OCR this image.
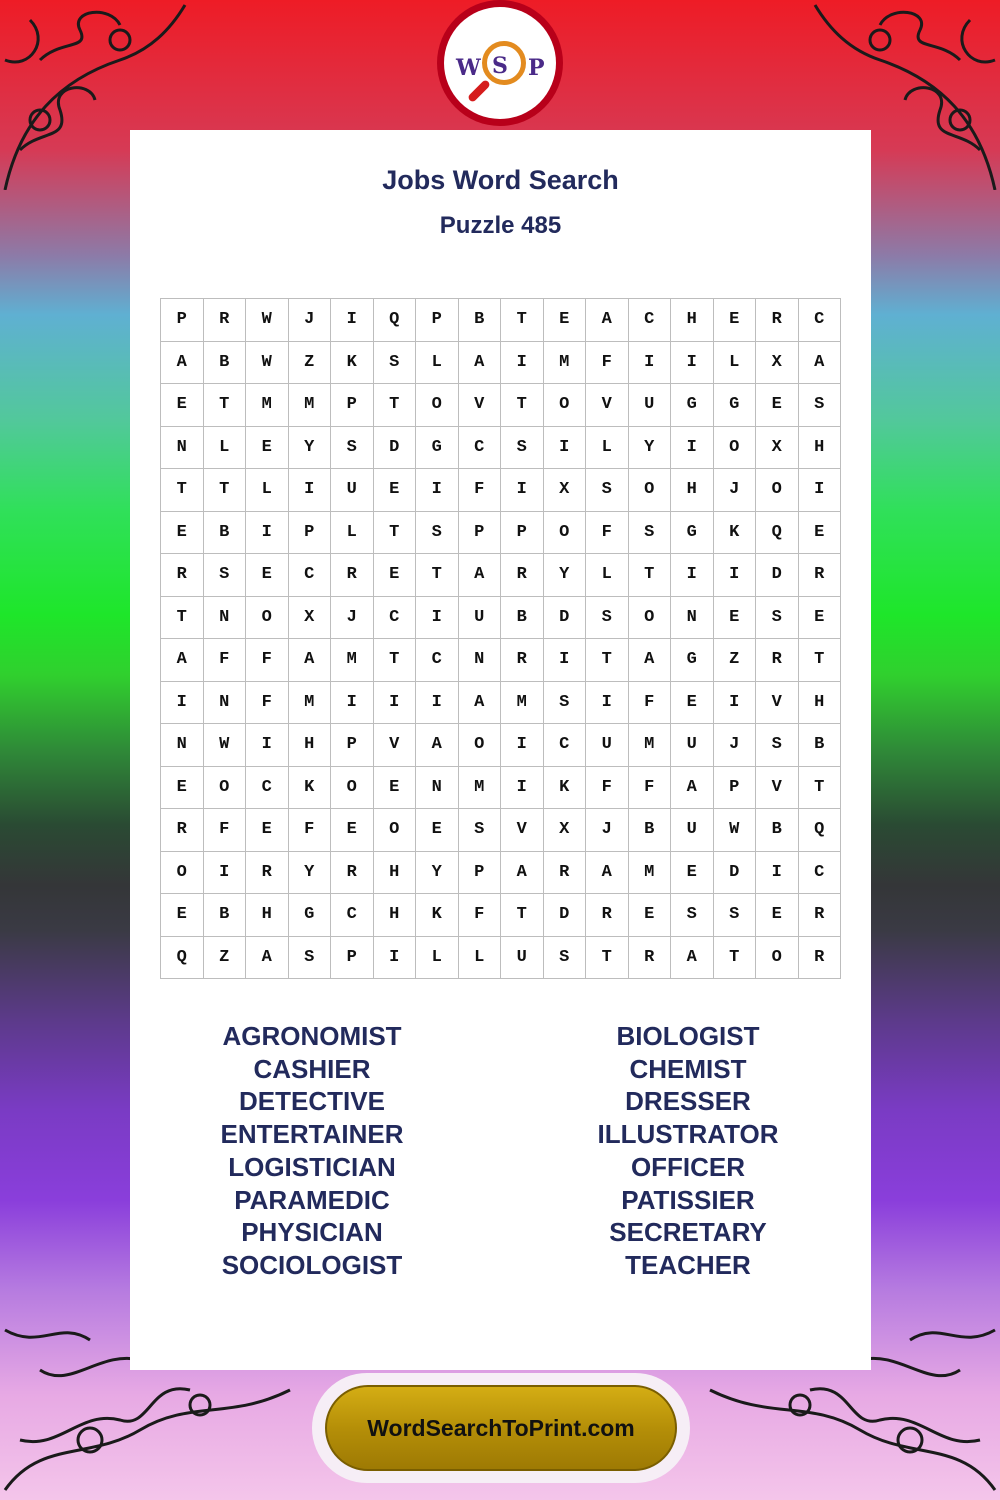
Jobs Word Search
Puzzle 485
P	R	W	J	I	Q	P	B	T	E	A	C	H	E	R	C
A	B	W	Z	K	S	L	A	I	M	F	I	I	L	X	A
E	T	M	M	P	T	O	V	T	O	V	U	G	G	E	S
N	L	E	Y	S	D	G	C	S	I	L	Y	I	O	X	H
T	T	L	I	U	E	I	F	I	X	S	O	H	J	O	I
E	B	I	P	L	T	S	P	P	O	F	S	G	K	Q	E
R	S	E	C	R	E	T	A	R	Y	L	T	I	I	D	R
T	N	O	X	J	C	I	U	B	D	S	O	N	E	S	E
A	F	F	A	M	T	C	N	R	I	T	A	G	Z	R	T
I	N	F	M	I	I	I	A	M	S	I	F	E	I	V	H
N	W	I	H	P	V	A	O	I	C	U	M	U	J	S	B
E	O	C	K	O	E	N	M	I	K	F	F	A	P	V	T
R	F	E	F	E	O	E	S	V	X	J	B	U	W	B	Q
O	I	R	Y	R	H	Y	P	A	R	A	M	E	D	I	C
E	B	H	G	C	H	K	F	T	D	R	E	S	S	E	R
Q	Z	A	S	P	I	L	L	U	S	T	R	A	T	O	R
AGRONOMIST
CASHIER
DETECTIVE
ENTERTAINER
LOGISTICIAN
PARAMEDIC
PHYSICIAN
SOCIOLOGIST
BIOLOGIST
CHEMIST
DRESSER
ILLUSTRATOR
OFFICER
PATISSIER
SECRETARY
TEACHER
W S P
WordSearchToPrint.com
